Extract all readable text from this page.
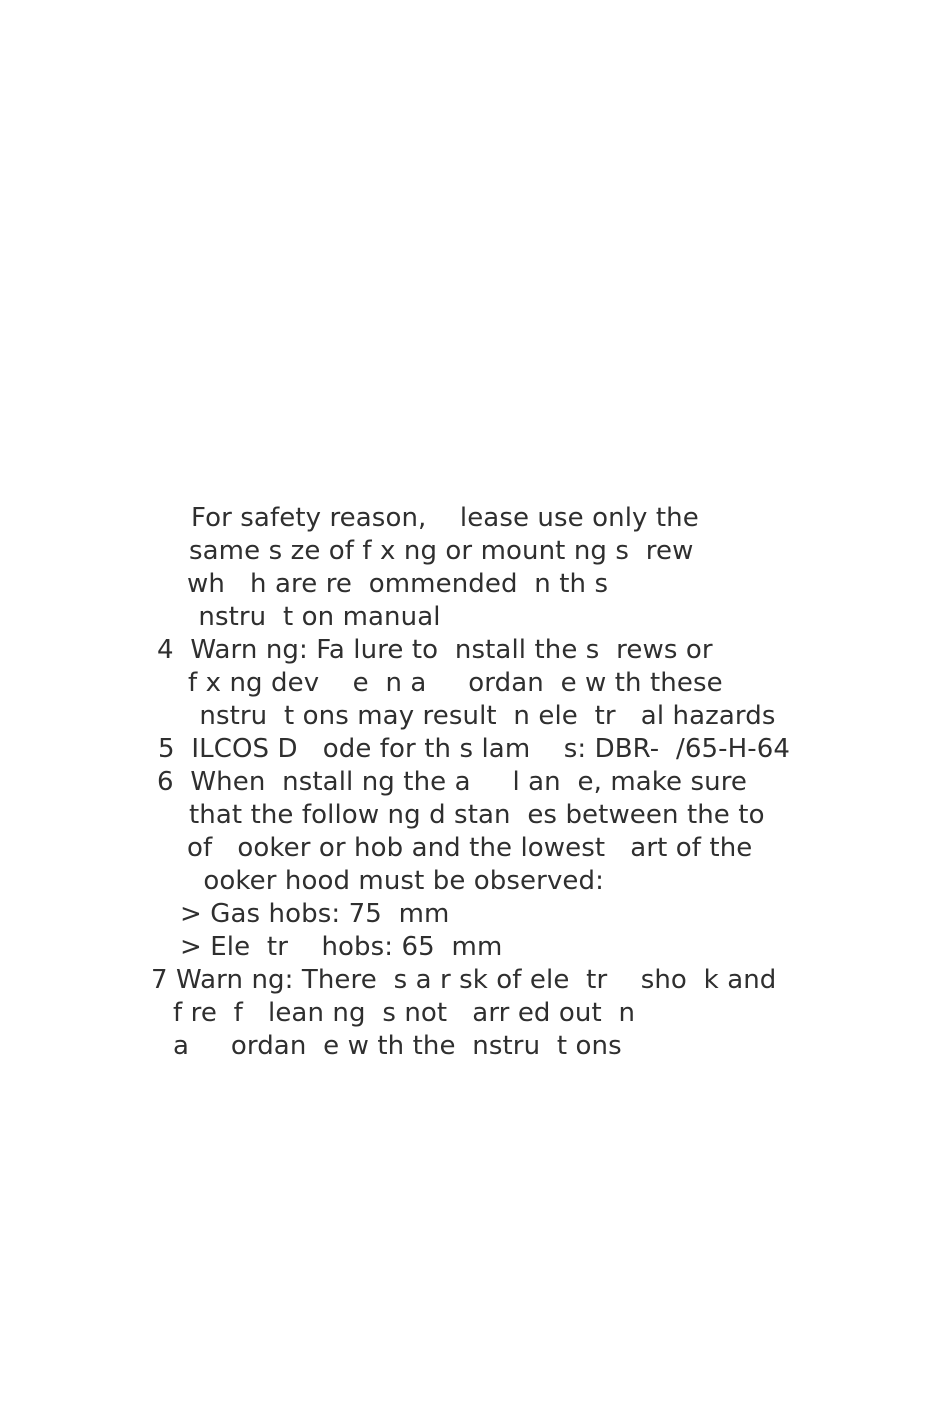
For safety reason,    lease use only the
same s ze of f x ng or mount ng s  rew
wh   h are re  ommended  n th s
nstru  t on manual
4  Warn ng: Fa lure to  nstall the s  rews or
f x ng dev    e  n a     ordan  e w th these
nstru  t ons may result  n ele  tr   al hazards
5  ILCOS D   ode for th s lam    s: DBR-  /65-H-64
6  When  nstall ng the a     l an  e, make sure
that the follow ng d stan  es between the to
of   ooker or hob and the lowest   art of the
ooker hood must be observed:
> Gas hobs: 75  mm
> Ele  tr    hobs: 65  mm
7 Warn ng: There  s a r sk of ele  tr    sho  k and
f re  f   lean ng  s not   arr ed out  n
a     ordan  e w th the  nstru  t ons
